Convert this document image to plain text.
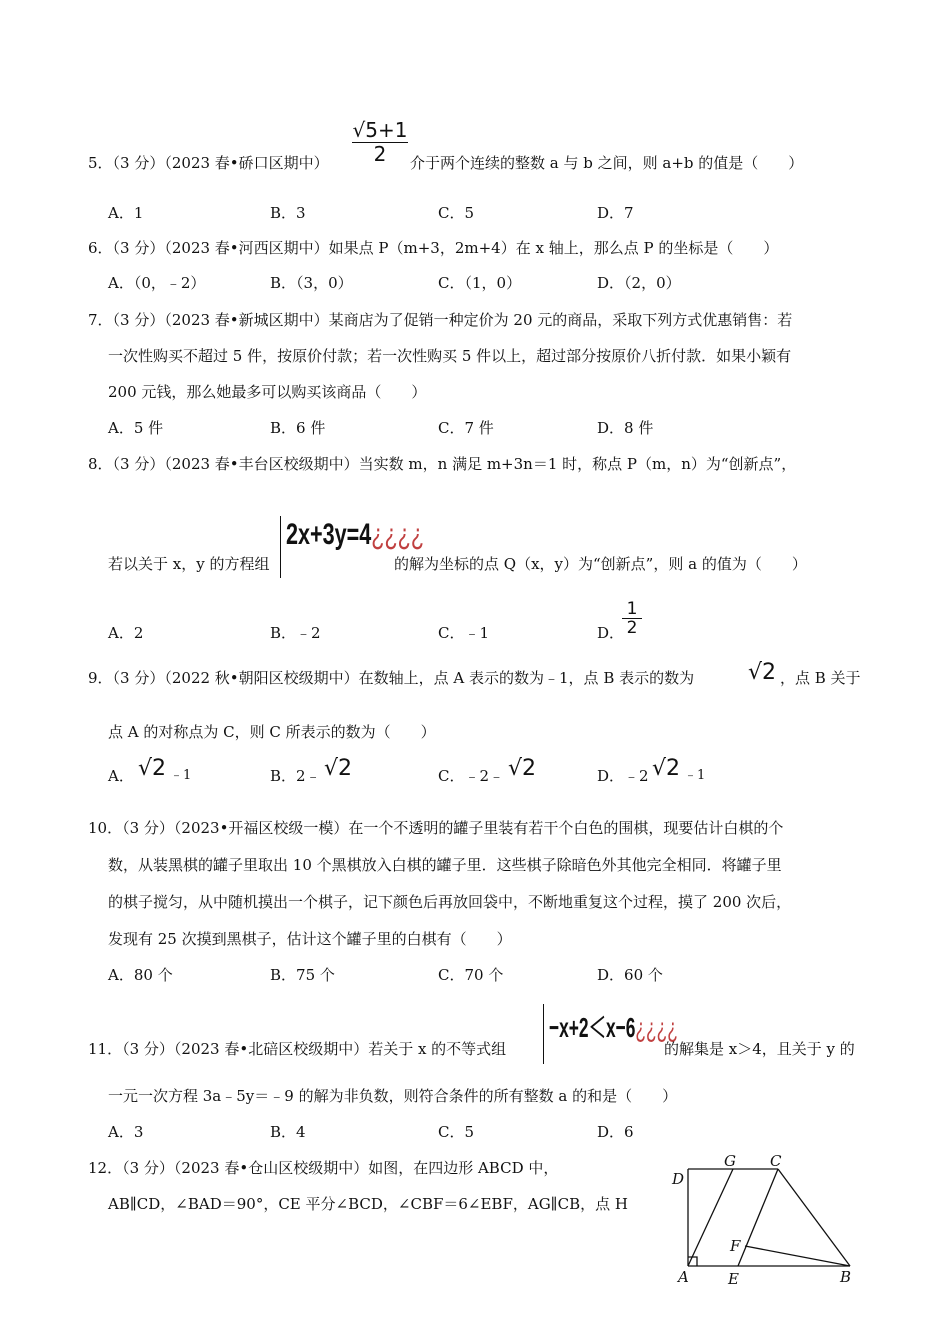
5．（3 分）（2023 春•硚口区期中）
√5+1
2	介于两个连续的整数 a 与 b 之间，则 a+b 的值是（　　）
A．1	B．3	C．5	D．7
6．（3 分）（2023 春•河西区期中）如果点 P（m+3，2m+4）在 x 轴上，那么点 P 的坐标是（　　）
A．（0，﹣2）	B．（3，0）	C．（1，0）	D．（2，0）
7．（3 分）（2023 春•新城区期中）某商店为了促销一种定价为 20 元的商品，采取下列方式优惠销售：若
一次性购买不超过 5 件，按原价付款；若一次性购买 5 件以上，超过部分按原价八折付款．如果小颖有
200 元钱，那么她最多可以购买该商品（　　）
A．5 件	B．6 件	C．7 件	D．8 件
8．（3 分）（2023 春•丰台区校级期中）当实数 m，n 满足 m+3n＝1 时，称点 P（m，n）为“创新点”，
若以关于 x，y 的方程组
2x+3y=4¿¿¿¿
的解为坐标的点 Q（x，y）为“创新点”，则 a 的值为（　　）
A．2	B．﹣2	C．﹣1	D．
1
2
9．（3 分）（2022 秋•朝阳区校级期中）在数轴上，点 A 表示的数为﹣1，点 B 表示的数为 √2 ，点 B 关于
点 A 的对称点为 C，则 C 所表示的数为（　　）
A． √2 ﹣1	B．2﹣ √2	C．﹣2﹣ √2	D．﹣2 √2 ﹣1
10．（3 分）（2023•开福区校级一模）在一个不透明的罐子里装有若干个白色的围棋，现要估计白棋的个
数，从装黑棋的罐子里取出 10 个黑棋放入白棋的罐子里．这些棋子除暗色外其他完全相同．将罐子里
的棋子搅匀，从中随机摸出一个棋子，记下颜色后再放回袋中，不断地重复这个过程，摸了 200 次后，
发现有 25 次摸到黑棋子，估计这个罐子里的白棋有（　　）
A．80 个	B．75 个	C．70 个	D．60 个
11．（3 分）（2023 春•北碚区校级期中）若关于 x 的不等式组
−x+2＜x−6¿¿¿¿
的解集是 x＞4，且关于 y 的
一元一次方程 3a﹣5y＝﹣9 的解为非负数，则符合条件的所有整数 a 的和是（　　）
A．3	B．4	C．5	D．6
12．（3 分）（2023 春•仓山区校级期中）如图，在四边形 ABCD 中，
AB∥CD，∠BAD＝90°，CE 平分∠BCD，∠CBF＝6∠EBF，AG∥CB，点 H
D
G C
F
A	E	B
